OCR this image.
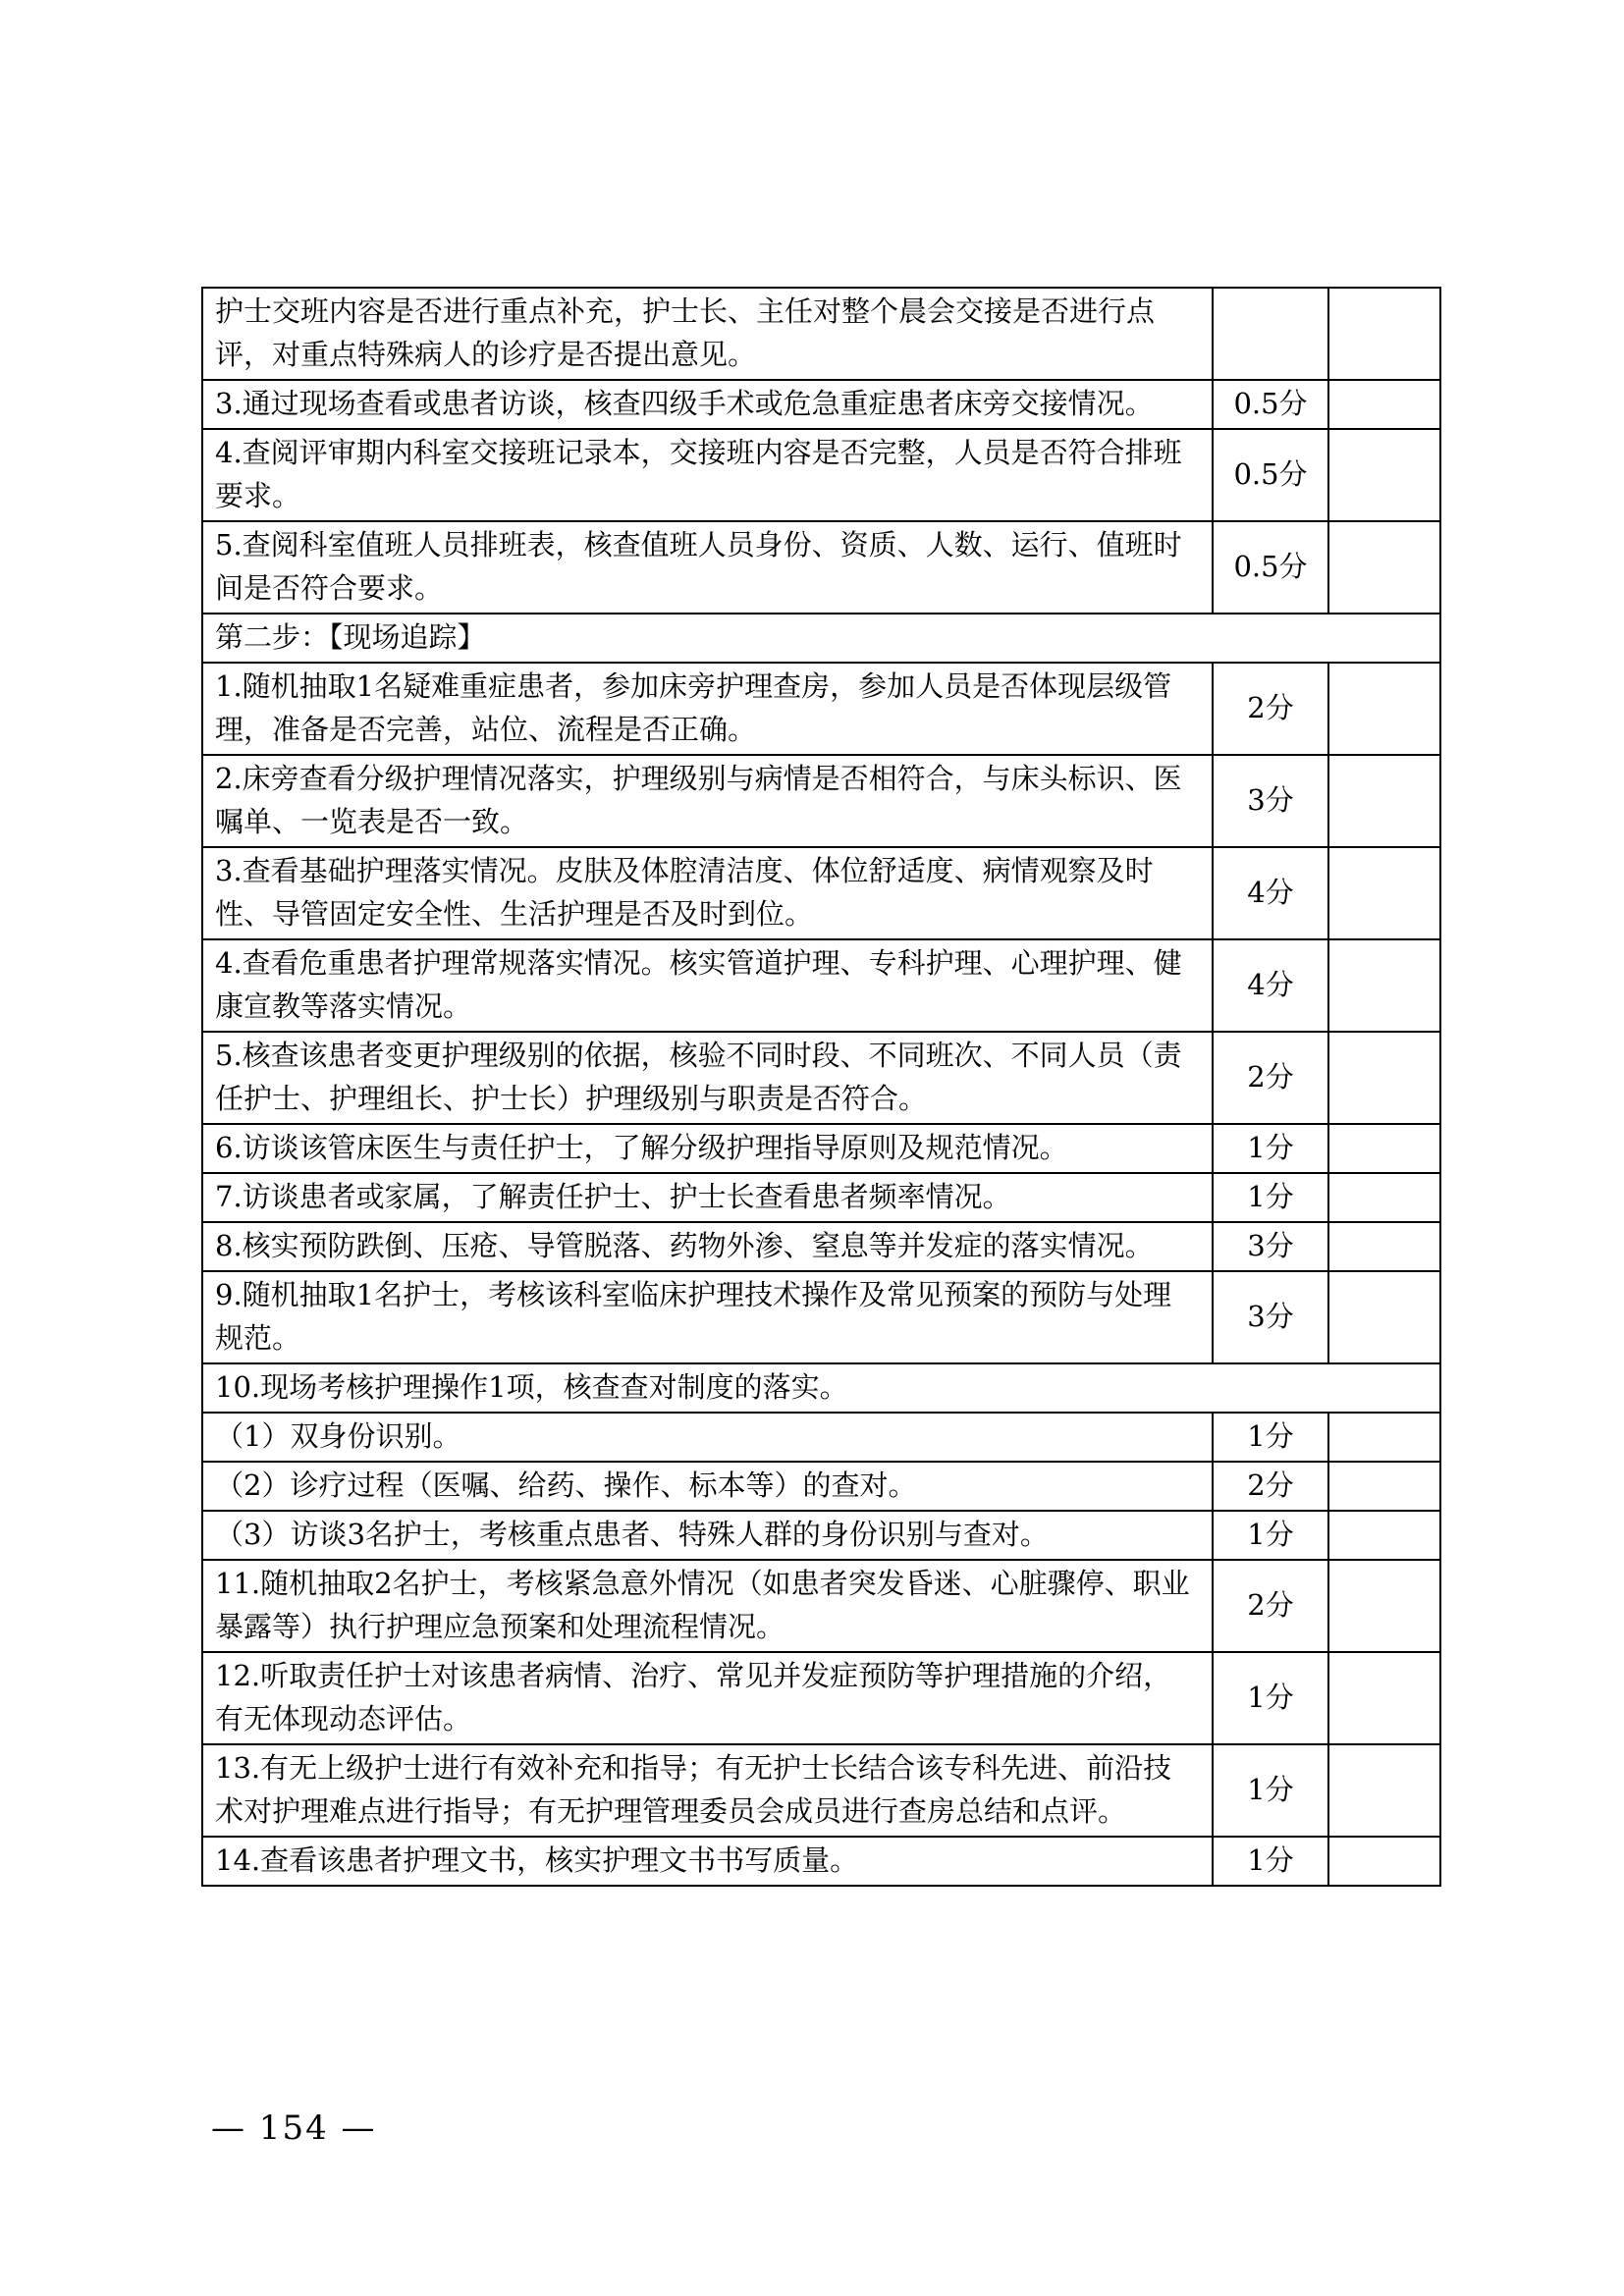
护士交班内容是否进行重点补充，护士长、主任对整个晨会交接是否进行点评，对重点特殊病人的诊疗是否提出意见。		
3.通过现场查看或患者访谈，核查四级手术或危急重症患者床旁交接情况。	0.5分	
4.查阅评审期内科室交接班记录本，交接班内容是否完整，人员是否符合排班要求。	0.5分	
5.查阅科室值班人员排班表，核查值班人员身份、资质、人数、运行、值班时间是否符合要求。	0.5分	
第二步：【现场追踪】		
1.随机抽取1名疑难重症患者，参加床旁护理查房，参加人员是否体现层级管理，准备是否完善，站位、流程是否正确。	2分	
2.床旁查看分级护理情况落实，护理级别与病情是否相符合，与床头标识、医嘱单、一览表是否一致。	3分	
3.查看基础护理落实情况。皮肤及体腔清洁度、体位舒适度、病情观察及时性、导管固定安全性、生活护理是否及时到位。	4分	
4.查看危重患者护理常规落实情况。核实管道护理、专科护理、心理护理、健康宣教等落实情况。	4分	
5.核查该患者变更护理级别的依据，核验不同时段、不同班次、不同人员（责任护士、护理组长、护士长）护理级别与职责是否符合。	2分	
6.访谈该管床医生与责任护士，了解分级护理指导原则及规范情况。	1分	
7.访谈患者或家属，了解责任护士、护士长查看患者频率情况。	1分	
8.核实预防跌倒、压疮、导管脱落、药物外渗、窒息等并发症的落实情况。	3分	
9.随机抽取1名护士，考核该科室临床护理技术操作及常见预案的预防与处理规范。	3分	
10.现场考核护理操作1项，核查查对制度的落实。		
（1）双身份识别。	1分	
（2）诊疗过程（医嘱、给药、操作、标本等）的查对。	2分	
（3）访谈3名护士，考核重点患者、特殊人群的身份识别与查对。	1分	
11.随机抽取2名护士，考核紧急意外情况（如患者突发昏迷、心脏骤停、职业暴露等）执行护理应急预案和处理流程情况。	2分	
12.听取责任护士对该患者病情、治疗、常见并发症预防等护理措施的介绍，有无体现动态评估。	1分	
13.有无上级护士进行有效补充和指导；有无护士长结合该专科先进、前沿技术对护理难点进行指导；有无护理管理委员会成员进行查房总结和点评。	1分	
14.查看该患者护理文书，核实护理文书书写质量。	1分	
— 154 —
